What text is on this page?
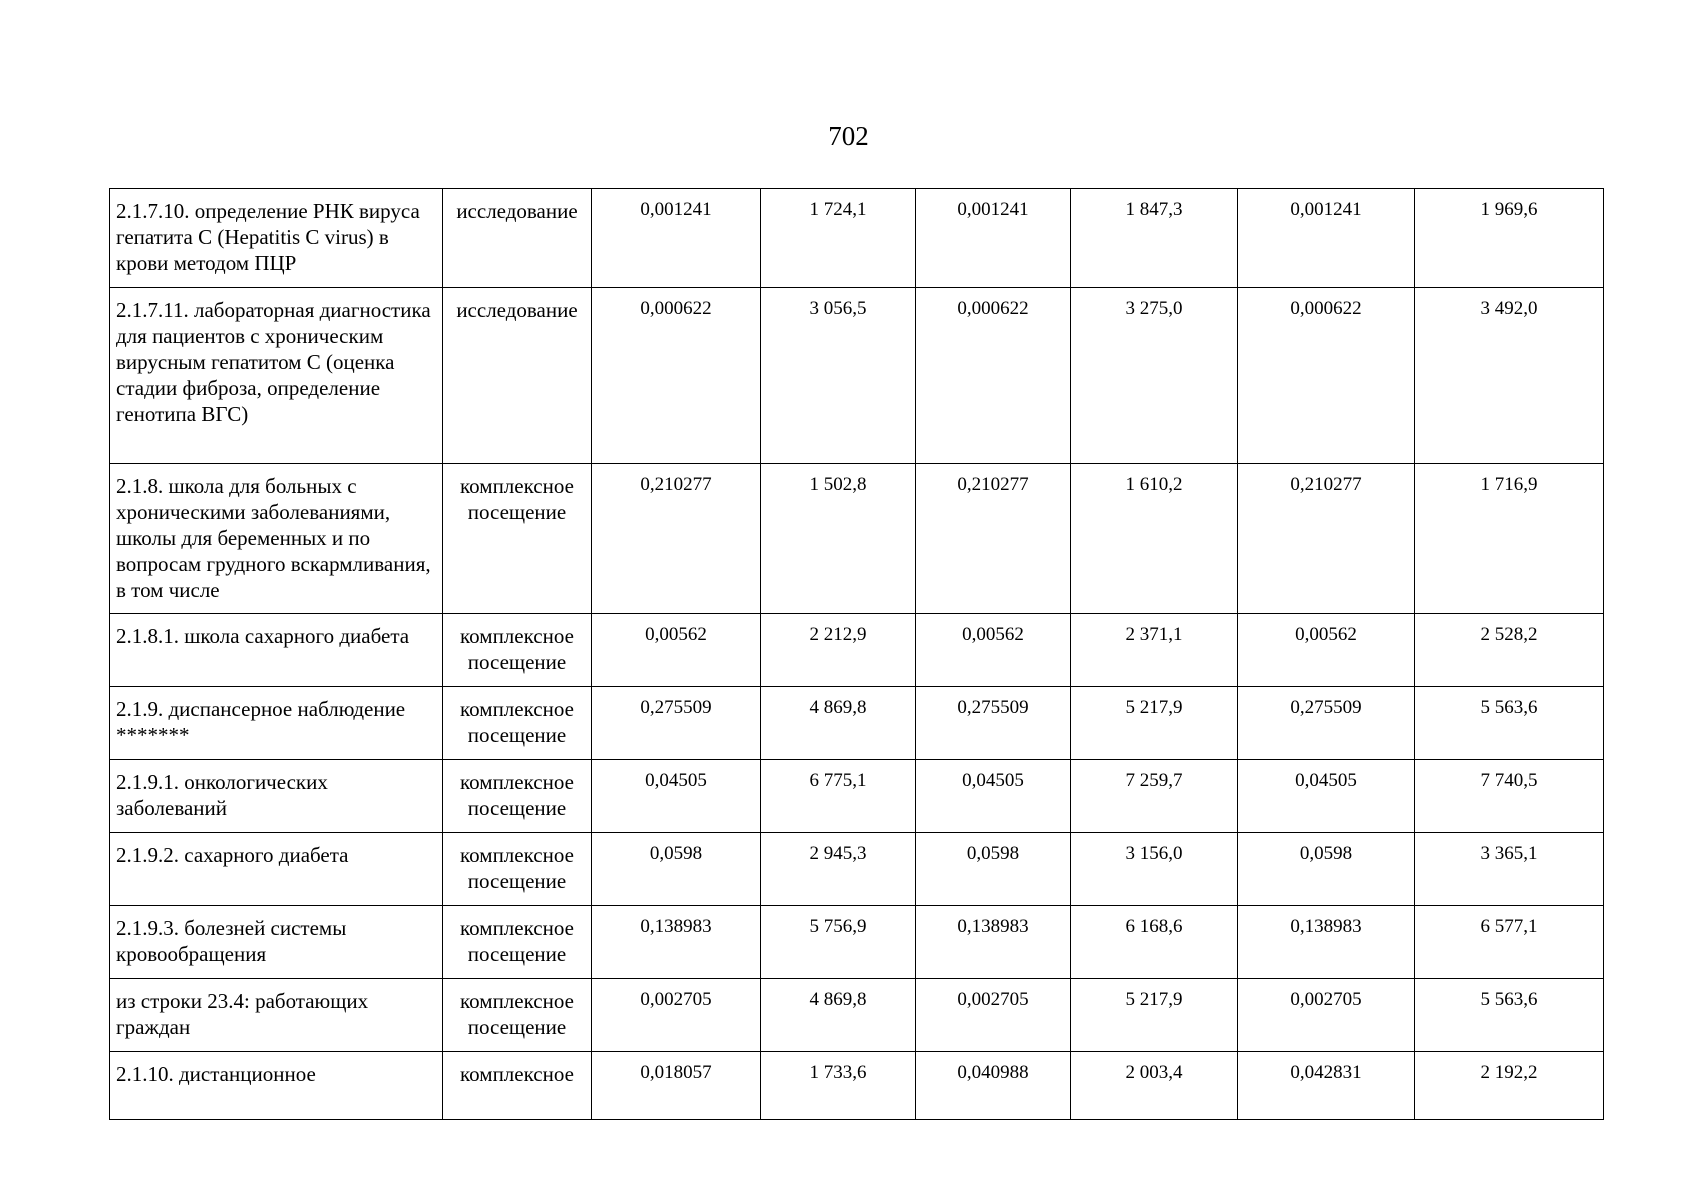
702
2.1.7.10. определение РНК вируса гепатита C (Hepatitis C virus) в крови методом ПЦР	исследование	0,001241	1 724,1	0,001241	1 847,3	0,001241	1 969,6

2.1.7.11. лабораторная диагностика для пациентов с хроническим вирусным гепатитом C (оценка стадии фиброза, определение генотипа ВГС)	исследование	0,000622	3 056,5	0,000622	3 275,0	0,000622	3 492,0

2.1.8. школа для больных с хроническими заболеваниями, школы для беременных и по вопросам грудного вскармливания, в том числе	комплексное посещение	0,210277	1 502,8	0,210277	1 610,2	0,210277	1 716,9

2.1.8.1. школа сахарного диабета	комплексное посещение	0,00562	2 212,9	0,00562	2 371,1	0,00562	2 528,2

2.1.9. диспансерное наблюдение *******	комплексное посещение	0,275509	4 869,8	0,275509	5 217,9	0,275509	5 563,6

2.1.9.1. онкологических заболеваний	комплексное посещение	0,04505	6 775,1	0,04505	7 259,7	0,04505	7 740,5

2.1.9.2. сахарного диабета	комплексное посещение	0,0598	2 945,3	0,0598	3 156,0	0,0598	3 365,1

2.1.9.3. болезней системы кровообращения	комплексное посещение	0,138983	5 756,9	0,138983	6 168,6	0,138983	6 577,1

из строки 23.4: работающих граждан	комплексное посещение	0,002705	4 869,8	0,002705	5 217,9	0,002705	5 563,6

2.1.10. дистанционное	комплексное	0,018057	1 733,6	0,040988	2 003,4	0,042831	2 192,2
